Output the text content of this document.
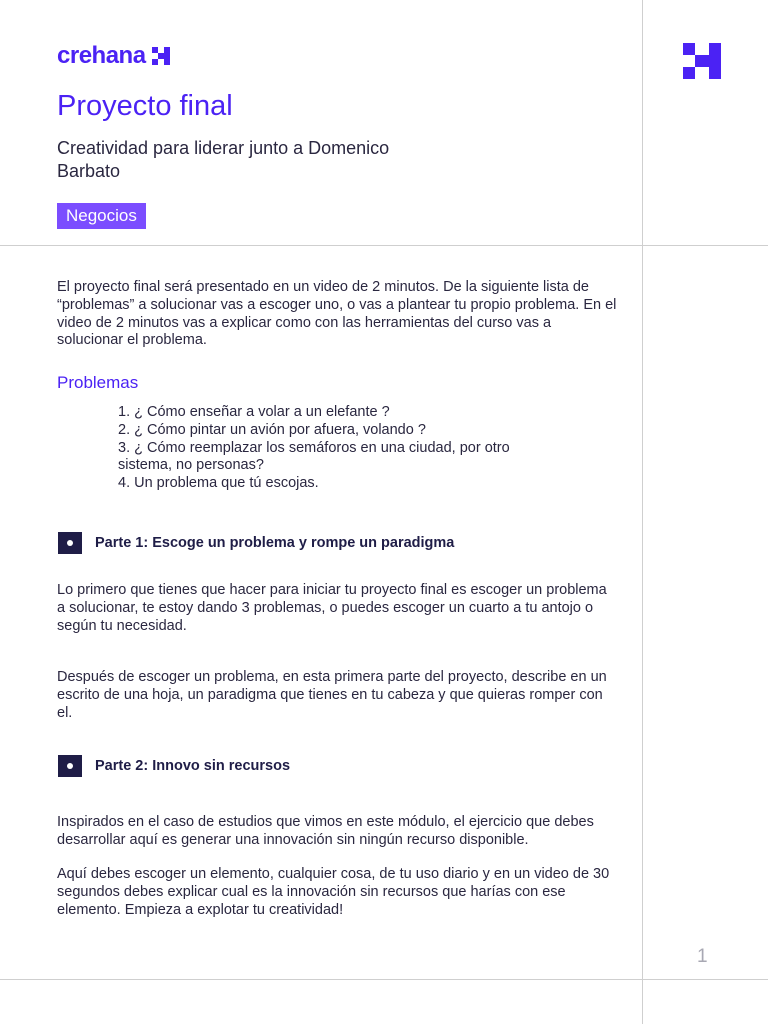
crehana
Proyecto final

Creatividad para liderar junto a Domenico Barbato

Negocios

El proyecto final será presentado en un video de 2 minutos. De la siguiente lista de “problemas” a solucionar vas a escoger uno, o vas a plantear tu propio problema. En el video de 2 minutos vas a explicar como con las herramientas del curso vas a solucionar el problema.

Problemas
1. ¿ Cómo enseñar a volar a un elefante ?
2. ¿ Cómo pintar un avión por afuera, volando ?
3. ¿ Cómo reemplazar los semáforos en una ciudad, por otro sistema, no personas?
4. Un problema que tú escojas.
Parte 1: Escoge un problema y rompe un paradigma

Lo primero que tienes que hacer para iniciar tu proyecto final es escoger un problema a solucionar, te estoy dando 3 problemas, o puedes escoger un cuarto a tu antojo o según tu necesidad.

Después de escoger un problema, en esta primera parte del proyecto, describe en un escrito de una hoja, un paradigma que tienes en tu cabeza y que quieras romper con el.

Parte 2: Innovo sin recursos

Inspirados en el caso de estudios que vimos en este módulo, el ejercicio que debes desarrollar aquí es generar una innovación sin ningún recurso disponible.

Aquí debes escoger un elemento, cualquier cosa, de tu uso diario y en un video de 30 segundos debes explicar cual es la innovación sin recursos que harías con ese elemento. Empieza a explotar tu creatividad!

1
